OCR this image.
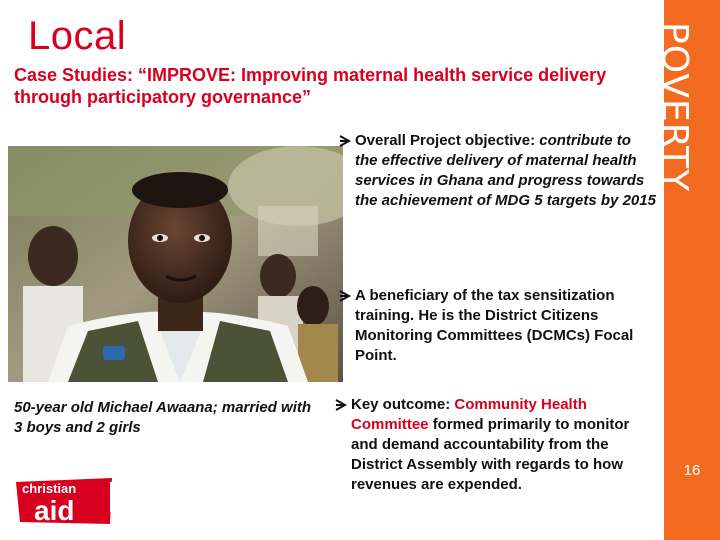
POVERTY
16
Local
Case Studies: “IMPROVE: Improving maternal health service delivery through participatory governance”
50-year old Michael Awaana; married with 3 boys and 2 girls
Overall Project objective: contribute to the effective delivery of maternal health services in Ghana and progress towards the achievement of MDG 5 targets by 2015
A beneficiary of the tax sensitization training. He is the District Citizens Monitoring Committees (DCMCs) Focal Point.
Key outcome: Community Health Committee formed primarily to monitor and demand accountability from the District Assembly with regards to how revenues are expended.
christian
aid
